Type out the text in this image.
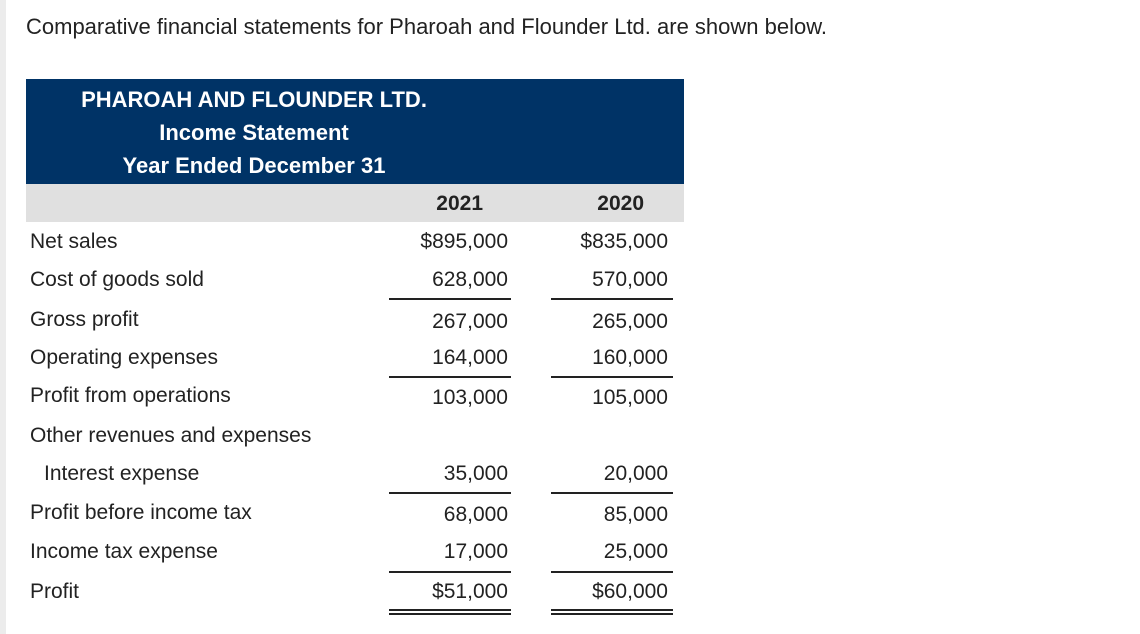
Comparative financial statements for Pharoah and Flounder Ltd. are shown below.
PHAROAH AND FLOUNDER LTD.
Income Statement
Year Ended December 31
2021	2020
Net sales	$895,000	$835,000
Cost of goods sold	628,000	570,000
Gross profit	267,000	265,000
Operating expenses	164,000	160,000
Profit from operations	103,000	105,000
Other revenues and expenses
Interest expense	35,000	20,000
Profit before income tax	68,000	85,000
Income tax expense	17,000	25,000
Profit	$51,000	$60,000
